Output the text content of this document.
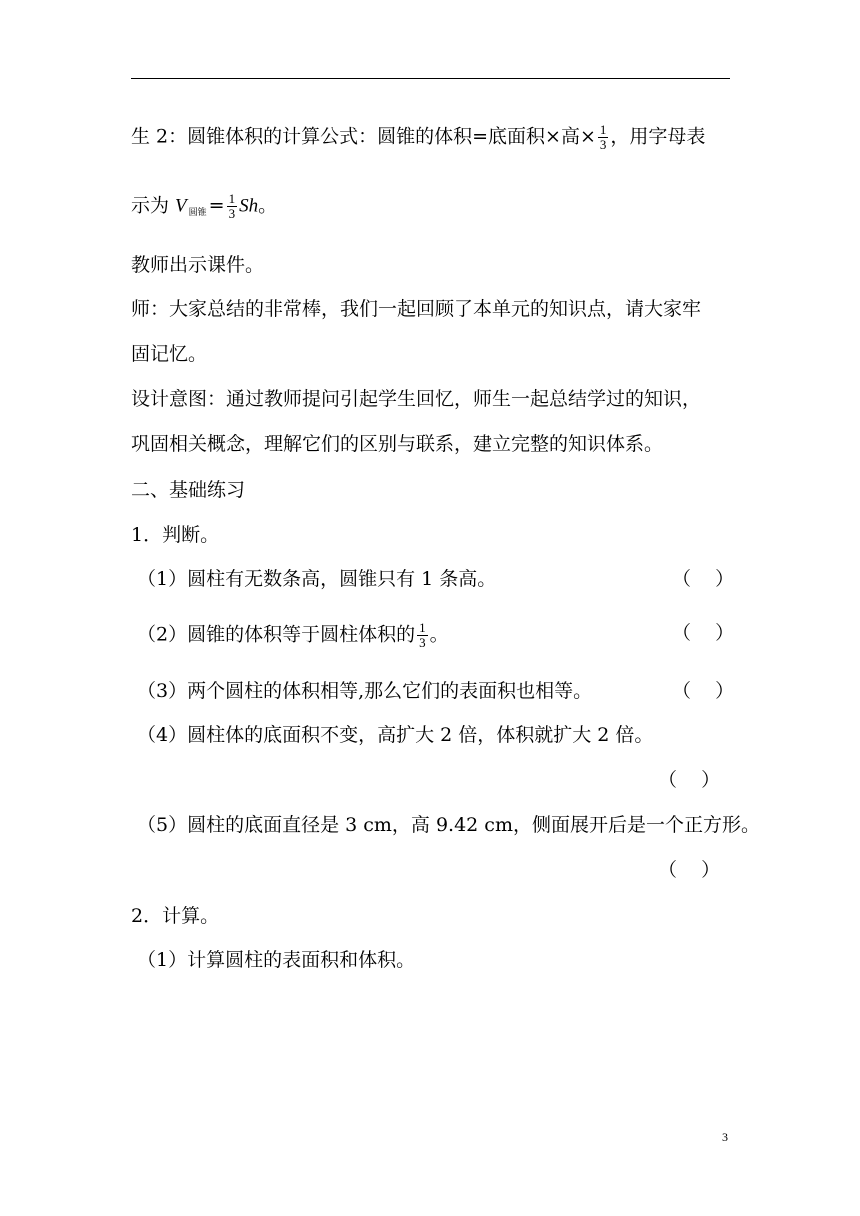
生 2：圆锥体积的计算公式：圆锥的体积=底面积×高× $\frac{1}{3}$ ，用字母表
示为 V $_{圆锥} = \frac{1}{3}$ Sh。
教师出示课件。
师：大家总结的非常棒，我们一起回顾了本单元的知识点，请大家牢
固记忆。
设计意图：通过教师提问引起学生回忆，师生一起总结学过的知识，
巩固相关概念，理解它们的区别与联系，建立完整的知识体系。
二、基础练习
1．判断。
（1）圆柱有无数条高，圆锥只有 1 条高。	（    ）
（2）圆锥的体积等于圆柱体积的 $\frac{1}{3}$ 。	（    ）
（3）两个圆柱的体积相等,那么它们的表面积也相等。	（    ）
（4）圆柱体的底面积不变，高扩大 2 倍，体积就扩大 2 倍。
（    ）
（5）圆柱的底面直径是 3 cm，高 9.42 cm，侧面展开后是一个正方形。
（    ）
2．计算。
（1）计算圆柱的表面积和体积。
3
